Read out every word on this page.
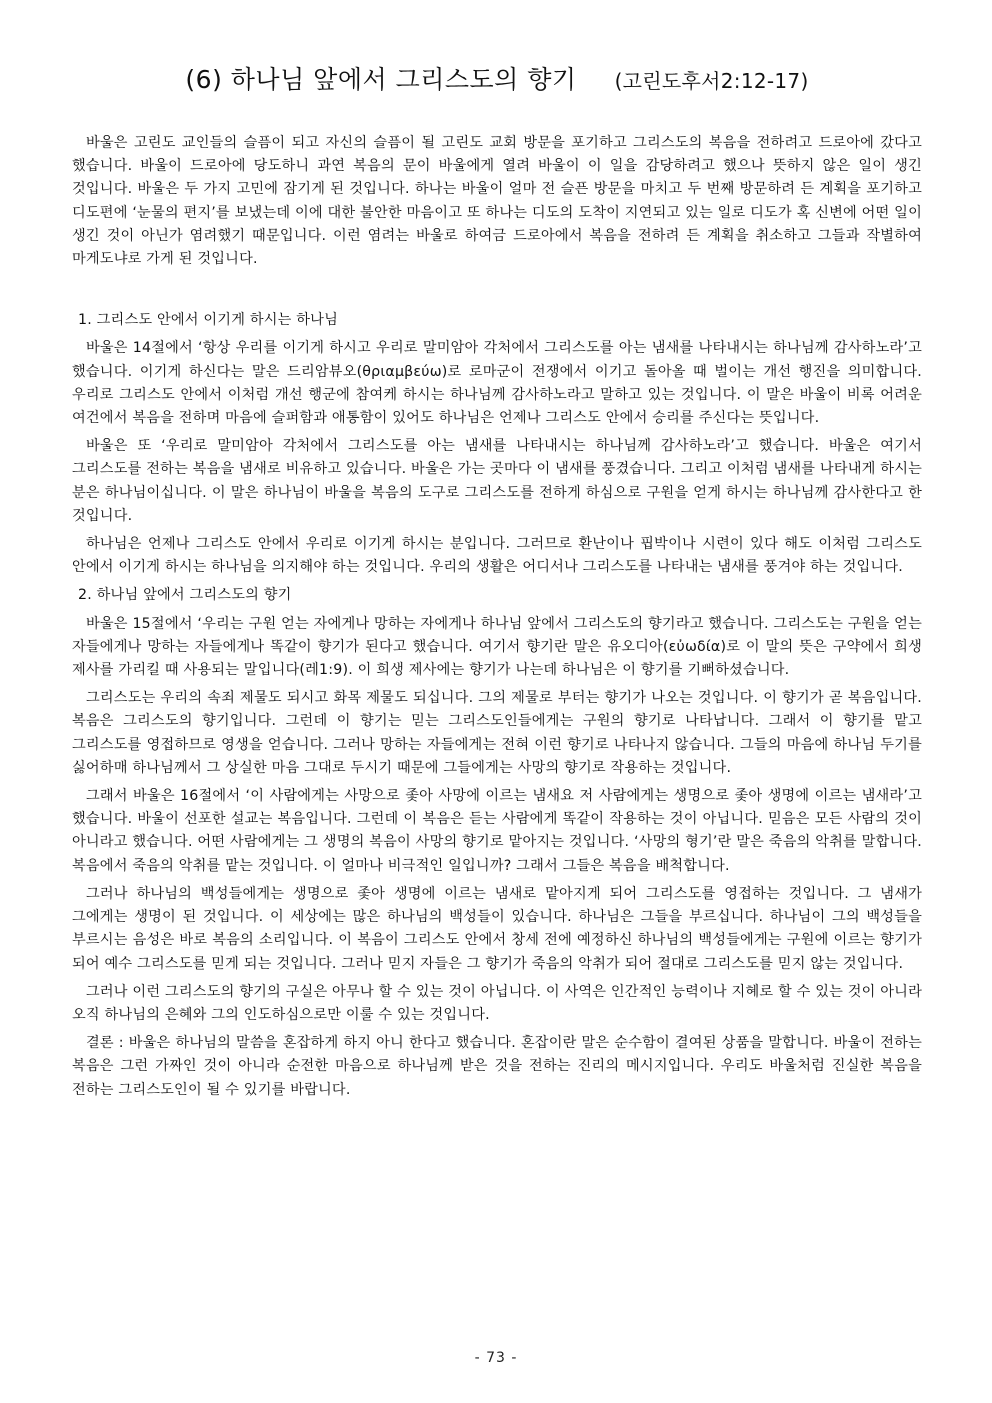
(6) 하나님 앞에서 그리스도의 향기 (고린도후서2:12-17)

바울은 고린도 교인들의 슬픔이 되고 자신의 슬픔이 될 고린도 교회 방문을 포기하고 그리스도의 복음을 전하려고 드로아에 갔다고 했습니다. 바울이 드로아에 당도하니 과연 복음의 문이 바울에게 열려 바울이 이 일을 감당하려고 했으나 뜻하지 않은 일이 생긴 것입니다. 바울은 두 가지 고민에 잠기게 된 것입니다. 하나는 바울이 얼마 전 슬픈 방문을 마치고 두 번째 방문하려 든 계획을 포기하고 디도편에 ‘눈물의 편지’를 보냈는데 이에 대한 불안한 마음이고 또 하나는 디도의 도착이 지연되고 있는 일로 디도가 혹 신변에 어떤 일이 생긴 것이 아닌가 염려했기 때문입니다. 이런 염려는 바울로 하여금 드로아에서 복음을 전하려 든 계획을 취소하고 그들과 작별하여 마게도냐로 가게 된 것입니다.

1. 그리스도 안에서 이기게 하시는 하나님

바울은 14절에서 ‘항상 우리를 이기게 하시고 우리로 말미암아 각처에서 그리스도를 아는 냄새를 나타내시는 하나님께 감사하노라’고 했습니다. 이기게 하신다는 말은 드리암뷰오(θριαμβεύω)로 로마군이 전쟁에서 이기고 돌아올 때 벌이는 개선 행진을 의미합니다. 우리로 그리스도 안에서 이처럼 개선 행군에 참여케 하시는 하나님께 감사하노라고 말하고 있는 것입니다. 이 말은 바울이 비록 어려운 여건에서 복음을 전하며 마음에 슬퍼함과 애통함이 있어도 하나님은 언제나 그리스도 안에서 승리를 주신다는 뜻입니다.

바울은 또 ‘우리로 말미암아 각처에서 그리스도를 아는 냄새를 나타내시는 하나님께 감사하노라’고 했습니다. 바울은 여기서 그리스도를 전하는 복음을 냄새로 비유하고 있습니다. 바울은 가는 곳마다 이 냄새를 풍겼습니다. 그리고 이처럼 냄새를 나타내게 하시는 분은 하나님이십니다. 이 말은 하나님이 바울을 복음의 도구로 그리스도를 전하게 하심으로 구원을 얻게 하시는 하나님께 감사한다고 한 것입니다.

하나님은 언제나 그리스도 안에서 우리로 이기게 하시는 분입니다. 그러므로 환난이나 핍박이나 시련이 있다 해도 이처럼 그리스도 안에서 이기게 하시는 하나님을 의지해야 하는 것입니다. 우리의 생활은 어디서나 그리스도를 나타내는 냄새를 풍겨야 하는 것입니다.

2. 하나님 앞에서 그리스도의 향기

바울은 15절에서 ‘우리는 구원 얻는 자에게나 망하는 자에게나 하나님 앞에서 그리스도의 향기라고 했습니다. 그리스도는 구원을 얻는 자들에게나 망하는 자들에게나 똑같이 향기가 된다고 했습니다. 여기서 향기란 말은 유오디아(εὐωδία)로 이 말의 뜻은 구약에서 희생 제사를 가리킬 때 사용되는 말입니다(레1:9). 이 희생 제사에는 향기가 나는데 하나님은 이 향기를 기뻐하셨습니다.

그리스도는 우리의 속죄 제물도 되시고 화목 제물도 되십니다. 그의 제물로 부터는 향기가 나오는 것입니다. 이 향기가 곧 복음입니다. 복음은 그리스도의 향기입니다. 그런데 이 향기는 믿는 그리스도인들에게는 구원의 향기로 나타납니다. 그래서 이 향기를 맡고 그리스도를 영접하므로 영생을 얻습니다. 그러나 망하는 자들에게는 전혀 이런 향기로 나타나지 않습니다. 그들의 마음에 하나님 두기를 싫어하매 하나님께서 그 상실한 마음 그대로 두시기 때문에 그들에게는 사망의 향기로 작용하는 것입니다.

그래서 바울은 16절에서 ‘이 사람에게는 사망으로 좇아 사망에 이르는 냄새요 저 사람에게는 생명으로 좇아 생명에 이르는 냄새라’고 했습니다. 바울이 선포한 설교는 복음입니다. 그런데 이 복음은 듣는 사람에게 똑같이 작용하는 것이 아닙니다. 믿음은 모든 사람의 것이 아니라고 했습니다. 어떤 사람에게는 그 생명의 복음이 사망의 향기로 맡아지는 것입니다. ‘사망의 형기’란 말은 죽음의 악취를 말합니다. 복음에서 죽음의 악취를 맡는 것입니다. 이 얼마나 비극적인 일입니까? 그래서 그들은 복음을 배척합니다.

그러나 하나님의 백성들에게는 생명으로 좇아 생명에 이르는 냄새로 맡아지게 되어 그리스도를 영접하는 것입니다. 그 냄새가 그에게는 생명이 된 것입니다. 이 세상에는 많은 하나님의 백성들이 있습니다. 하나님은 그들을 부르십니다. 하나님이 그의 백성들을 부르시는 음성은 바로 복음의 소리입니다. 이 복음이 그리스도 안에서 창세 전에 예정하신 하나님의 백성들에게는 구원에 이르는 향기가 되어 예수 그리스도를 믿게 되는 것입니다. 그러나 믿지 자들은 그 향기가 죽음의 악취가 되어 절대로 그리스도를 믿지 않는 것입니다.

그러나 이런 그리스도의 향기의 구실은 아무나 할 수 있는 것이 아닙니다. 이 사역은 인간적인 능력이나 지혜로 할 수 있는 것이 아니라 오직 하나님의 은혜와 그의 인도하심으로만 이룰 수 있는 것입니다.

결론 : 바울은 하나님의 말씀을 혼잡하게 하지 아니 한다고 했습니다. 혼잡이란 말은 순수함이 결여된 상품을 말합니다. 바울이 전하는 복음은 그런 가짜인 것이 아니라 순전한 마음으로 하나님께 받은 것을 전하는 진리의 메시지입니다. 우리도 바울처럼 진실한 복음을 전하는 그리스도인이 될 수 있기를 바랍니다.

- 73 -
